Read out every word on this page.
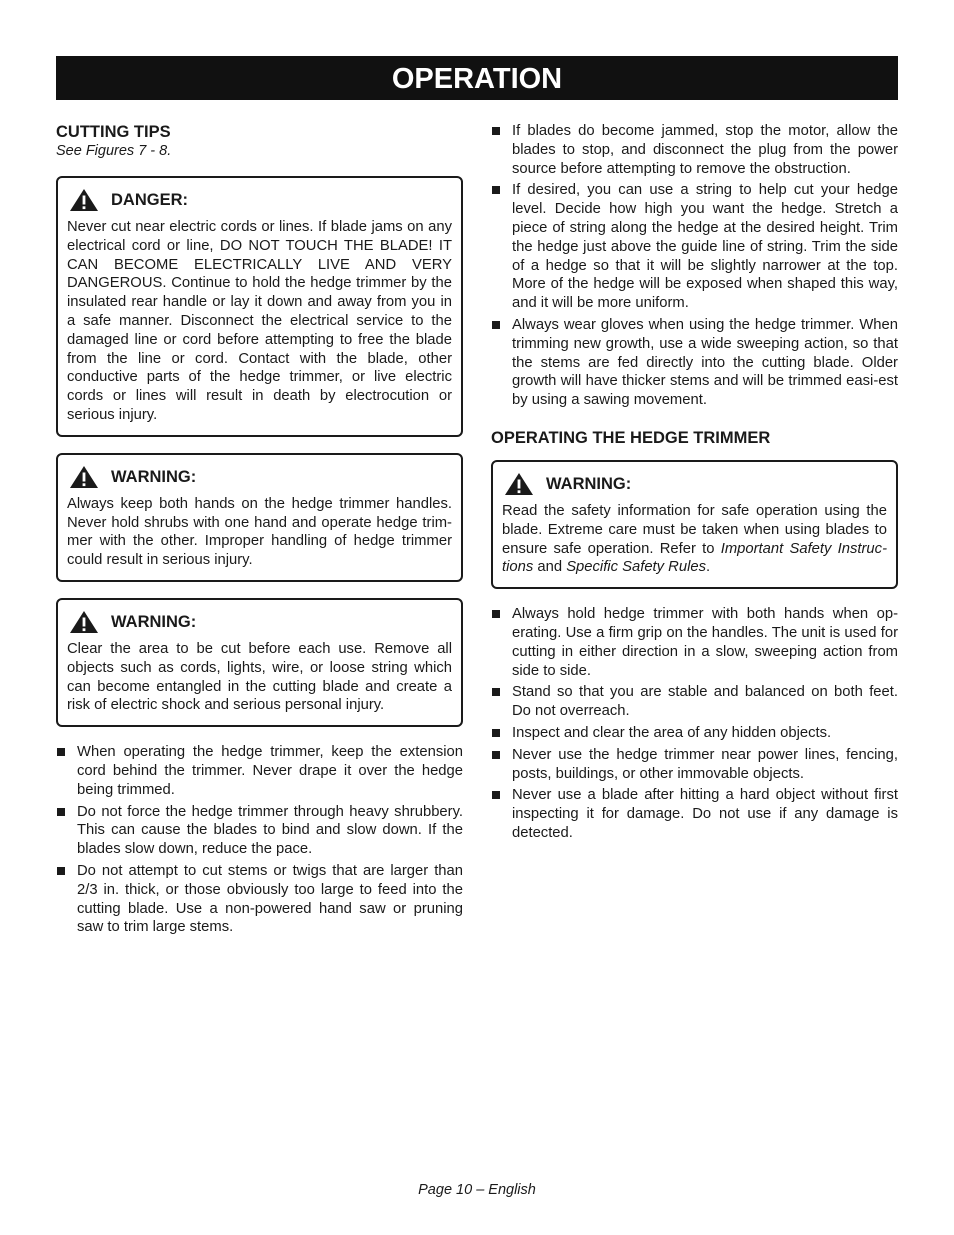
OPERATION
CUTTING TIPS

See Figures 7 - 8.

DANGER:

Never cut near electric cords or lines. If blade jams on any electrical cord or line, DO NOT TOUCH THE BLADE! IT CAN BECOME ELECTRICALLY LIVE AND VERY DANGEROUS. Continue to hold the hedge trimmer by the insulated rear handle or lay it down and away from you in a safe manner. Disconnect the electrical service to the damaged line or cord before attempting to free the blade from the line or cord. Contact with the blade, other conductive parts of the hedge trimmer, or live electric cords or lines will result in death by electrocution or serious injury.

WARNING:

Always keep both hands on the hedge trimmer handles. Never hold shrubs with one hand and operate hedge trim-mer with the other. Improper handling of hedge trimmer could result in serious injury.

WARNING:

Clear the area to be cut before each use. Remove all objects such as cords, lights, wire, or loose string which can become entangled in the cutting blade and create a risk of electric shock and serious personal injury.

When operating the hedge trimmer, keep the extension cord behind the trimmer. Never drape it over the hedge being trimmed.
Do not force the hedge trimmer through heavy shrubbery. This can cause the blades to bind and slow down. If the blades slow down, reduce the pace.
Do not attempt to cut stems or twigs that are larger than 2/3 in. thick, or those obviously too large to feed into the cutting blade. Use a non-powered hand saw or pruning saw to trim large stems.
If blades do become jammed, stop the motor, allow the blades to stop, and disconnect the plug from the power source before attempting to remove the obstruction.
If desired, you can use a string to help cut your hedge level. Decide how high you want the hedge. Stretch a piece of string along the hedge at the desired height. Trim the hedge just above the guide line of string. Trim the side of a hedge so that it will be slightly narrower at the top. More of the hedge will be exposed when shaped this way, and it will be more uniform.
Always wear gloves when using the hedge trimmer. When trimming new growth, use a wide sweeping action, so that the stems are fed directly into the cutting blade. Older growth will have thicker stems and will be trimmed easi-est by using a sawing movement.
OPERATING THE HEDGE TRIMMER
WARNING:

Read the safety information for safe operation using the blade. Extreme care must be taken when using blades to ensure safe operation. Refer to Important Safety Instruc-tions and Specific Safety Rules.

Always hold hedge trimmer with both hands when op-erating. Use a firm grip on the handles. The unit is used for cutting in either direction in a slow, sweeping action from side to side.
Stand so that you are stable and balanced on both feet. Do not overreach.
Inspect and clear the area of any hidden objects.
Never use the hedge trimmer near power lines, fencing, posts, buildings, or other immovable objects.
Never use a blade after hitting a hard object without first inspecting it for damage. Do not use if any damage is detected.
Page 10 – English
